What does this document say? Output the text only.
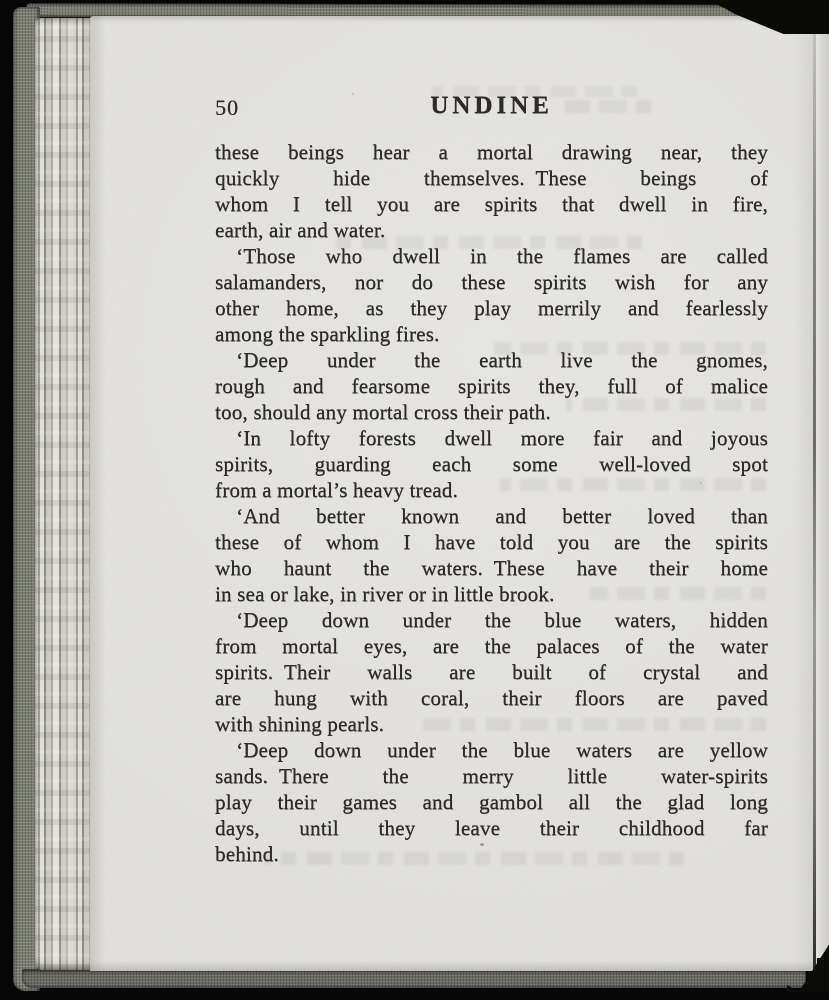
50	UNDINE
these beings hear a mortal drawing near, they
quickly hide themselves. These beings of
whom I tell you are spirits that dwell in fire,
earth, air and water.
‘Those who dwell in the flames are called
salamanders, nor do these spirits wish for any
other home, as they play merrily and fearlessly
among the sparkling fires.
‘Deep under the earth live the gnomes,
rough and fearsome spirits they, full of malice
too, should any mortal cross their path.
‘In lofty forests dwell more fair and joyous
spirits, guarding each some well-loved spot
from a mortal’s heavy tread.
‘And better known and better loved than
these of whom I have told you are the spirits
who haunt the waters. These have their home
in sea or lake, in river or in little brook.
‘Deep down under the blue waters, hidden
from mortal eyes, are the palaces of the water
spirits. Their walls are built of crystal and
are hung with coral, their floors are paved
with shining pearls.
‘Deep down under the blue waters are yellow
sands. There the merry little water-spirits
play their games and gambol all the glad long
days, until they leave their childhood far
behind.
